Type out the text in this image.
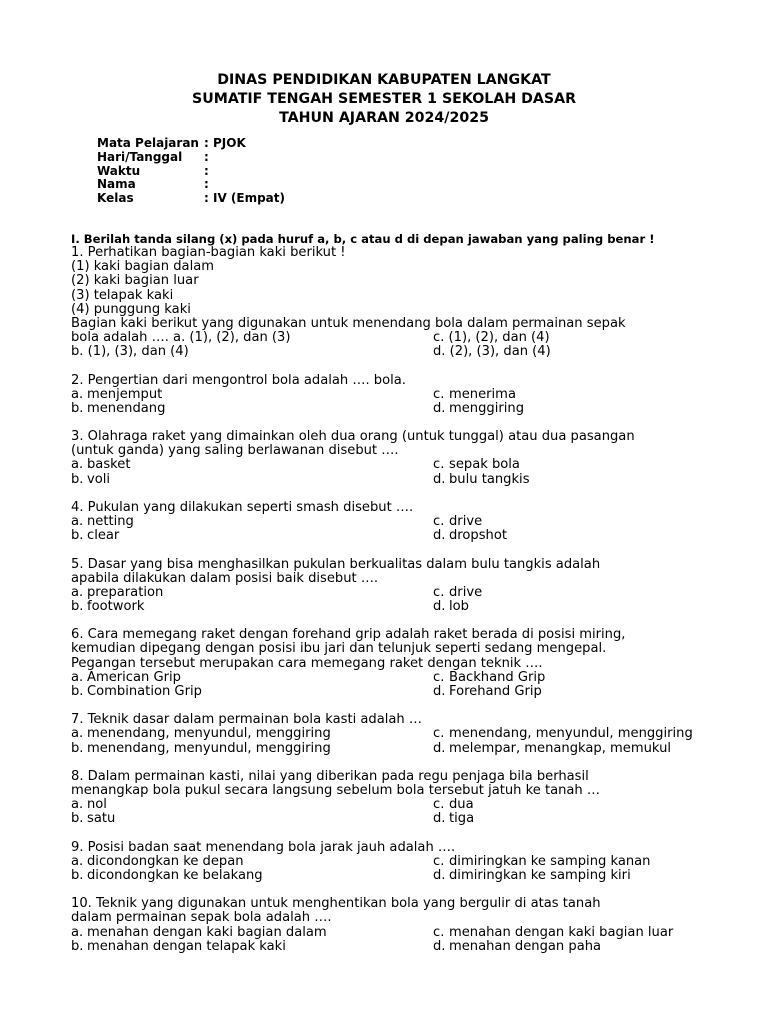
DINAS PENDIDIKAN KABUPATEN LANGKAT
SUMATIF TENGAH SEMESTER 1 SEKOLAH DASAR
TAHUN AJARAN 2024/2025
Mata Pelajaran : PJOK
Hari/Tanggal	:
Waktu	:
Nama	:
Kelas	: IV (Empat)
I. Berilah tanda silang (x) pada huruf a, b, c atau d di depan jawaban yang paling benar !
1. Perhatikan bagian-bagian kaki berikut !
(1) kaki bagian dalam
(2) kaki bagian luar
(3) telapak kaki
(4) punggung kaki
Bagian kaki berikut yang digunakan untuk menendang bola dalam permainan sepak
bola adalah …. a. (1), (2), dan (3)	c. (1), (2), dan (4)
b. (1), (3), dan (4)	d. (2), (3), dan (4)
2. Pengertian dari mengontrol bola adalah …. bola.
a. menjemput	c. menerima
b. menendang	d. menggiring
3. Olahraga raket yang dimainkan oleh dua orang (untuk tunggal) atau dua pasangan
(untuk ganda) yang saling berlawanan disebut ….
a. basket	c. sepak bola
b. voli	d. bulu tangkis
4. Pukulan yang dilakukan seperti smash disebut ….
a. netting	c. drive
b. clear	d. dropshot
5. Dasar yang bisa menghasilkan pukulan berkualitas dalam bulu tangkis adalah
apabila dilakukan dalam posisi baik disebut ….
a. preparation	c. drive
b. footwork	d. lob
6. Cara memegang raket dengan forehand grip adalah raket berada di posisi miring,
kemudian dipegang dengan posisi ibu jari dan telunjuk seperti sedang mengepal.
Pegangan tersebut merupakan cara memegang raket dengan teknik ….
a. American Grip	c. Backhand Grip
b. Combination Grip	d. Forehand Grip
7. Teknik dasar dalam permainan bola kasti adalah …
a. menendang, menyundul, menggiring	c. menendang, menyundul, menggiring
b. menendang, menyundul, menggiring	d. melempar, menangkap, memukul
8. Dalam permainan kasti, nilai yang diberikan pada regu penjaga bila berhasil
menangkap bola pukul secara langsung sebelum bola tersebut jatuh ke tanah …
a. nol	c. dua
b. satu	d. tiga
9. Posisi badan saat menendang bola jarak jauh adalah ….
a. dicondongkan ke depan	c. dimiringkan ke samping kanan
b. dicondongkan ke belakang	d. dimiringkan ke samping kiri
10. Teknik yang digunakan untuk menghentikan bola yang bergulir di atas tanah
dalam permainan sepak bola adalah ….
a. menahan dengan kaki bagian dalam	c. menahan dengan kaki bagian luar
b. menahan dengan telapak kaki	d. menahan dengan paha
